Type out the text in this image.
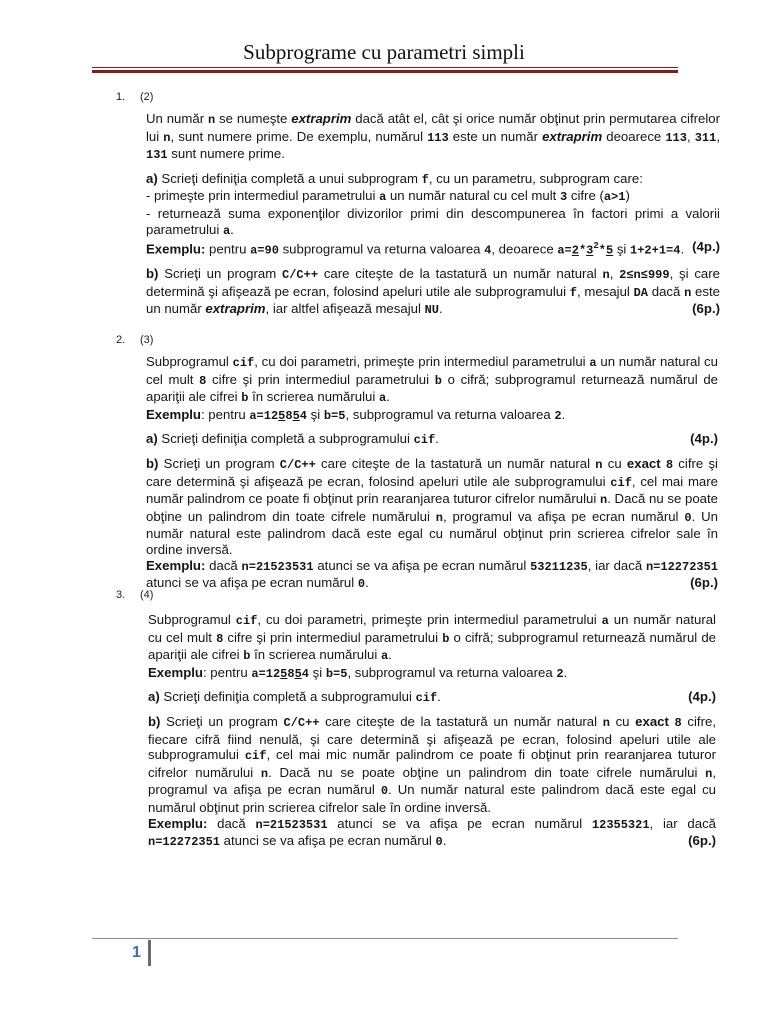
Subprograme cu parametri simpli
1. (2)

Un număr n se numeşte extraprim dacă atât el, cât şi orice număr obţinut prin permutarea cifrelor lui n, sunt numere prime. De exemplu, numărul 113 este un număr extraprim deoarece 113, 311, 131 sunt numere prime.

a) Scrieţi definiţia completă a unui subprogram f, cu un parametru, subprogram care:

- primeşte prin intermediul parametrului a un număr natural cu cel mult 3 cifre (a>1)

- returnează suma exponenţilor divizorilor primi din descompunerea în factori primi a valorii parametrului a.

Exemplu: pentru a=90 subprogramul va returna valoarea 4, deoarece $a=2*3^2*5$ şi 1+2+1=4. (4p.)

b) Scrieţi un program C/C++ care citeşte de la tastatură un număr natural n, 2≤n≤999, şi care determină şi afişează pe ecran, folosind apeluri utile ale subprogramului f, mesajul DA dacă n este un număr extraprim, iar altfel afişează mesajul NU.	(6p.)

2. (3)

Subprogramul cif, cu doi parametri, primeşte prin intermediul parametrului a un număr natural cu cel mult 8 cifre şi prin intermediul parametrului b o cifră; subprogramul returnează numărul de apariţii ale cifrei b în scrierea numărului a.

Exemplu: pentru a=125854 şi b=5, subprogramul va returna valoarea 2.

a) Scrieţi definiţia completă a subprogramului cif.	(4p.)

b) Scrieţi un program C/C++ care citeşte de la tastatură un număr natural n cu exact 8 cifre şi care determină şi afişează pe ecran, folosind apeluri utile ale subprogramului cif, cel mai mare număr palindrom ce poate fi obţinut prin rearanjarea tuturor cifrelor numărului n. Dacă nu se poate obţine un palindrom din toate cifrele numărului n, programul va afişa pe ecran numărul 0. Un număr natural este palindrom dacă este egal cu numărul obţinut prin scrierea cifrelor sale în ordine inversă.

Exemplu: dacă n=21523531 atunci se va afişa pe ecran numărul 53211235, iar dacă n=12272351 atunci se va afişa pe ecran numărul 0.	(6p.)

3. (4)

Subprogramul cif, cu doi parametri, primeşte prin intermediul parametrului a un număr natural cu cel mult 8 cifre şi prin intermediul parametrului b o cifră; subprogramul returnează numărul de apariţii ale cifrei b în scrierea numărului a.

Exemplu: pentru a=125854 şi b=5, subprogramul va returna valoarea 2.

a) Scrieţi definiţia completă a subprogramului cif.	(4p.)

b) Scrieţi un program C/C++ care citeşte de la tastatură un număr natural n cu exact 8 cifre, fiecare cifră fiind nenulă, şi care determină şi afişează pe ecran, folosind apeluri utile ale subprogramului cif, cel mai mic număr palindrom ce poate fi obţinut prin rearanjarea tuturor cifrelor numărului n. Dacă nu se poate obţine un palindrom din toate cifrele numărului n, programul va afişa pe ecran numărul 0. Un număr natural este palindrom dacă este egal cu numărul obţinut prin scrierea cifrelor sale în ordine inversă.

Exemplu: dacă n=21523531 atunci se va afişa pe ecran numărul 12355321, iar dacă n=12272351 atunci se va afişa pe ecran numărul 0.	(6p.)

1
